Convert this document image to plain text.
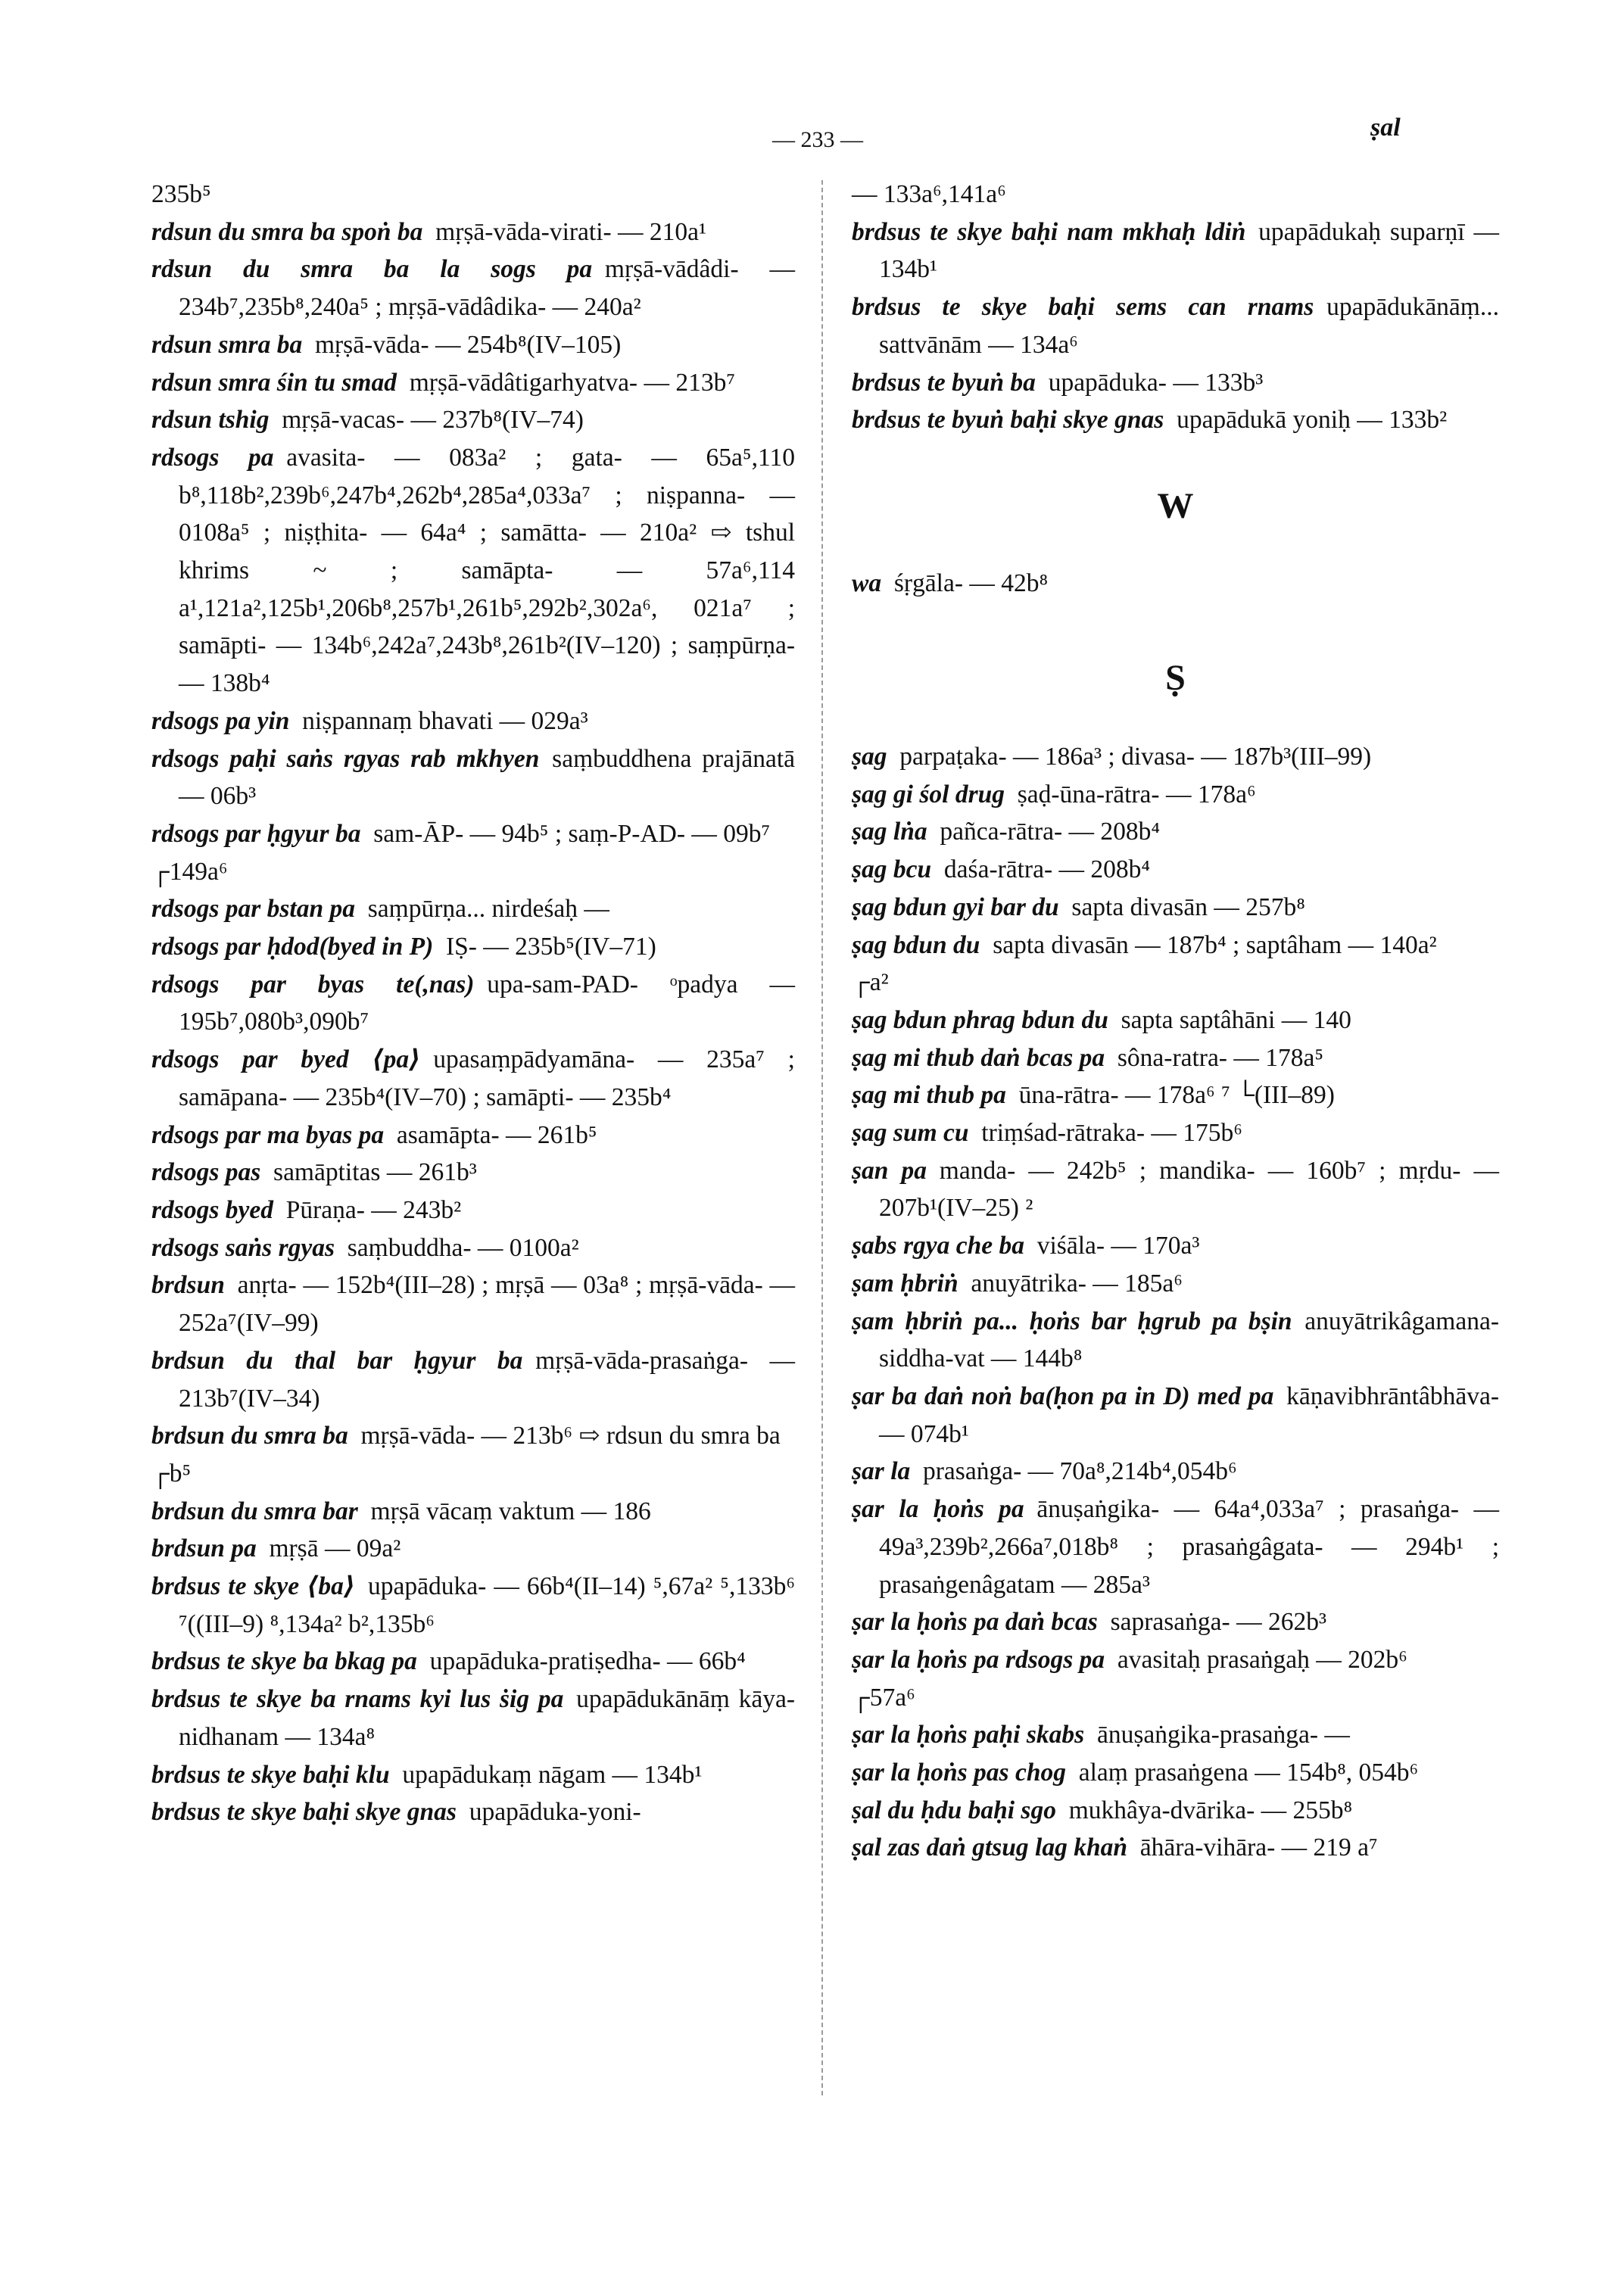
— 233 —	ṣal

235b⁵

rdsun du smra ba spoṅ ba  mṛṣā-vāda-virati- — 210a¹

rdsun du smra ba la sogs pa  mṛṣā-vādâdi- — 234b⁷,235b⁸,240a⁵ ; mṛṣā-vādâdika- — 240a²

rdsun smra ba  mṛṣā-vāda- — 254b⁸(IV–105)

rdsun smra śin tu smad  mṛṣā-vādâtigarhyatva- — 213b⁷

rdsun tshig  mṛṣā-vacas- — 237b⁸(IV–74)

rdsogs pa  avasita- — 083a² ; gata- — 65a⁵,110 b⁸,118b²,239b⁶,247b⁴,262b⁴,285a⁴,033a⁷ ; niṣpanna- — 0108a⁵ ; niṣṭhita- — 64a⁴ ; samātta- — 210a² ⇨ tshul khrims ~ ; samāpta- — 57a⁶,114 a¹,121a²,125b¹,206b⁸,257b¹,261b⁵,292b²,302a⁶, 021a⁷ ; samāpti- — 134b⁶,242a⁷,243b⁸,261b²(IV–120) ; saṃpūrṇa- — 138b⁴

rdsogs pa yin  niṣpannaṃ bhavati — 029a³

rdsogs paḥi saṅs rgyas rab mkhyen  saṃbuddhena prajānatā — 06b³

rdsogs par ḥgyur ba  sam-ĀP- — 94b⁵ ; saṃ-P-AD- — 09b⁷

┌149a⁶

rdsogs par bstan pa  saṃpūrṇa... nirdeśaḥ —

rdsogs par ḥdod(byed in P)  IṢ- — 235b⁵(IV–71)

rdsogs par byas te(,nas)  upa-sam-PAD- ᵒpadya — 195b⁷,080b³,090b⁷

rdsogs par byed ⟨pa⟩  upasaṃpādyamāna- — 235a⁷ ; samāpana- — 235b⁴(IV–70) ; samāpti- — 235b⁴

rdsogs par ma byas pa  asamāpta- — 261b⁵

rdsogs pas  samāptitas — 261b³

rdsogs byed  Pūraṇa- — 243b²

rdsogs saṅs rgyas  saṃbuddha- — 0100a²

brdsun  anṛta- — 152b⁴(III–28) ; mṛṣā — 03a⁸ ; mṛṣā-vāda- — 252a⁷(IV–99)

brdsun du thal bar ḥgyur ba  mṛṣā-vāda-prasaṅga- — 213b⁷(IV–34)

brdsun du smra ba  mṛṣā-vāda- — 213b⁶ ⇨ rdsun du smra ba

┌b⁵

brdsun du smra bar  mṛṣā vācaṃ vaktum — 186

brdsun pa  mṛṣā — 09a²

brdsus te skye ⟨ba⟩  upapāduka- — 66b⁴(II–14) ⁵,67a² ⁵,133b⁶ ⁷((III–9) ⁸,134a² b²,135b⁶

brdsus te skye ba bkag pa  upapāduka-pratiṣedha- — 66b⁴

brdsus te skye ba rnams kyi lus ṡig pa  upapādukānāṃ kāya-nidhanam — 134a⁸

brdsus te skye baḥi klu  upapādukaṃ nāgam — 134b¹

brdsus te skye baḥi skye gnas  upapāduka-yoni-

— 133a⁶,141a⁶

brdsus te skye baḥi nam mkhaḥ ldiṅ  upapādukaḥ suparṇī — 134b¹

brdsus te skye baḥi sems can rnams  upapādukānāṃ... sattvānām — 134a⁶

brdsus te byuṅ ba  upapāduka- — 133b³

brdsus te byuṅ baḥi skye gnas  upapādukā yoniḥ — 133b²

W

wa  śṛgāla- — 42b⁸

Ṣ

ṣag  parpaṭaka- — 186a³ ; divasa- — 187b³(III–99)

ṣag gi śol drug  ṣaḍ-ūna-rātra- — 178a⁶

ṣag lṅa  pañca-rātra- — 208b⁴

ṣag bcu  daśa-rātra- — 208b⁴

ṣag bdun gyi bar du  sapta divasān — 257b⁸

ṣag bdun du  sapta divasān — 187b⁴ ; saptâham — 140a²

┌a²

ṣag bdun phrag bdun du  sapta saptâhāni — 140

ṣag mi thub daṅ bcas pa  sôna-ratra- — 178a⁵

ṣag mi thub pa  ūna-rātra- — 178a⁶ ⁷ └(III–89)

ṣag sum cu  triṃśad-rātraka- — 175b⁶

ṣan pa  manda- — 242b⁵ ; mandika- — 160b⁷ ; mṛdu- — 207b¹(IV–25) ²

ṣabs rgya che ba  viśāla- — 170a³

ṣam ḥbriṅ  anuyātrika- — 185a⁶

ṣam ḥbriṅ pa... ḥoṅs bar ḥgrub pa bṣin  anuyātrikâgamana-siddha-vat — 144b⁸

ṣar ba daṅ noṅ ba(ḥon pa in D) med pa  kāṇavibhrāntâbhāva- — 074b¹

ṣar la  prasaṅga- — 70a⁸,214b⁴,054b⁶

ṣar la ḥoṅs pa  ānuṣaṅgika- — 64a⁴,033a⁷ ; prasaṅga- — 49a³,239b²,266a⁷,018b⁸ ; prasaṅgâgata- — 294b¹ ; prasaṅgenâgatam — 285a³

ṣar la ḥoṅs pa daṅ bcas  saprasaṅga- — 262b³

ṣar la ḥoṅs pa rdsogs pa  avasitaḥ prasaṅgaḥ — 202b⁶

┌57a⁶

ṣar la ḥoṅs paḥi skabs  ānuṣaṅgika-prasaṅga- —

ṣar la ḥoṅs pas chog  alaṃ prasaṅgena — 154b⁸, 054b⁶

ṣal du ḥdu baḥi sgo  mukhâya-dvārika- — 255b⁸

ṣal zas daṅ gtsug lag khaṅ  āhāra-vihāra- — 219 a⁷
